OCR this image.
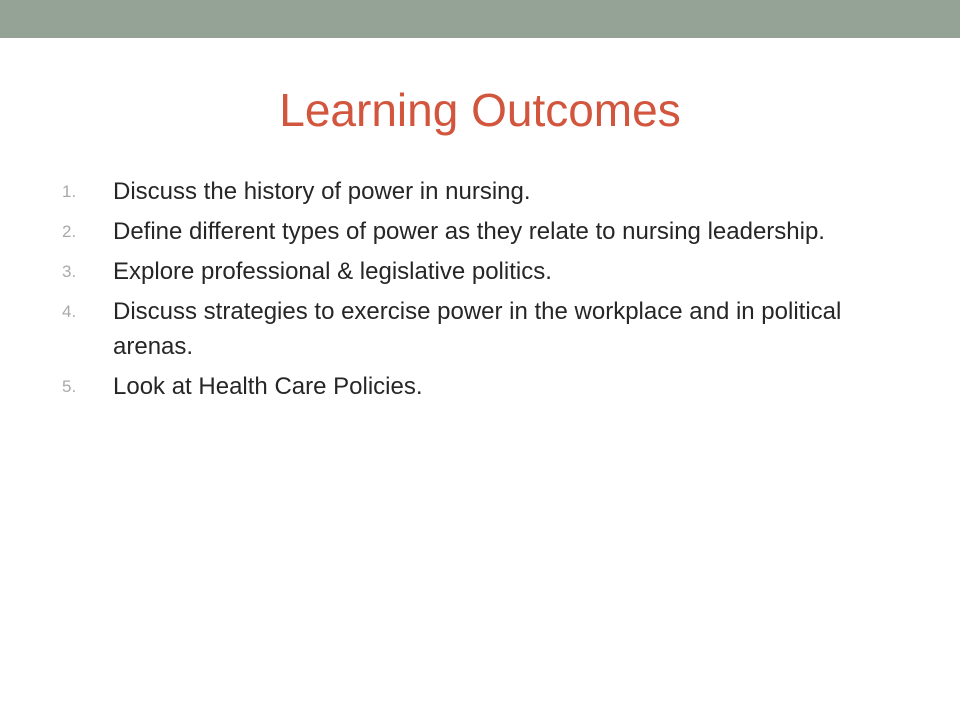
Learning Outcomes
1. Discuss the history of power in nursing.
2. Define different types of power as they relate to nursing leadership.
3. Explore professional & legislative politics.
4. Discuss strategies to exercise power in the workplace and in political arenas.
5. Look at Health Care Policies.
